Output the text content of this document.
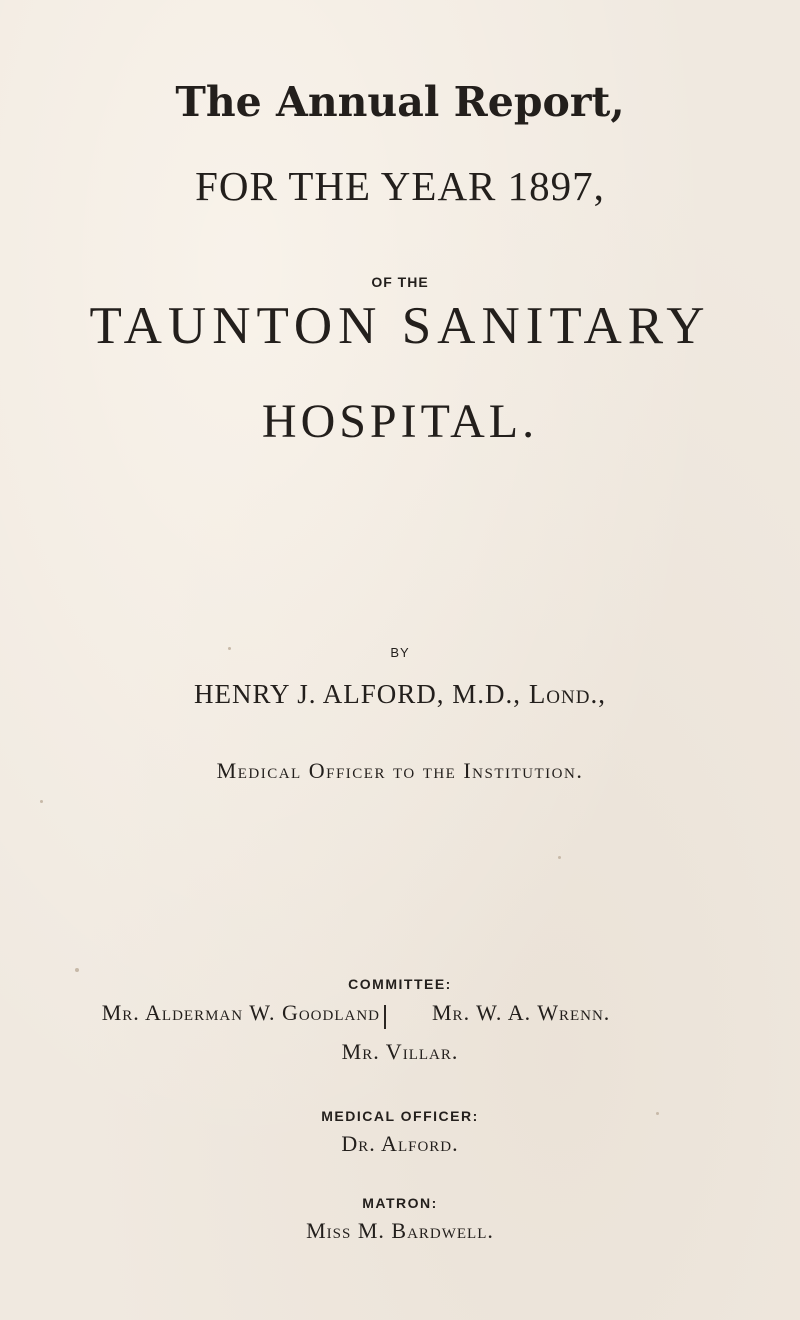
The Annual Report,
FOR THE YEAR 1897,
OF THE
TAUNTON SANITARY
HOSPITAL.
BY
HENRY J. ALFORD, M.D., Lond.,
Medical Officer to the Institution.
COMMITTEE:
Mr. Alderman W. Goodland Mr. W. A. Wrenn.
Mr. Villar.
MEDICAL OFFICER:
Dr. Alford.
MATRON:
Miss M. Bardwell.
